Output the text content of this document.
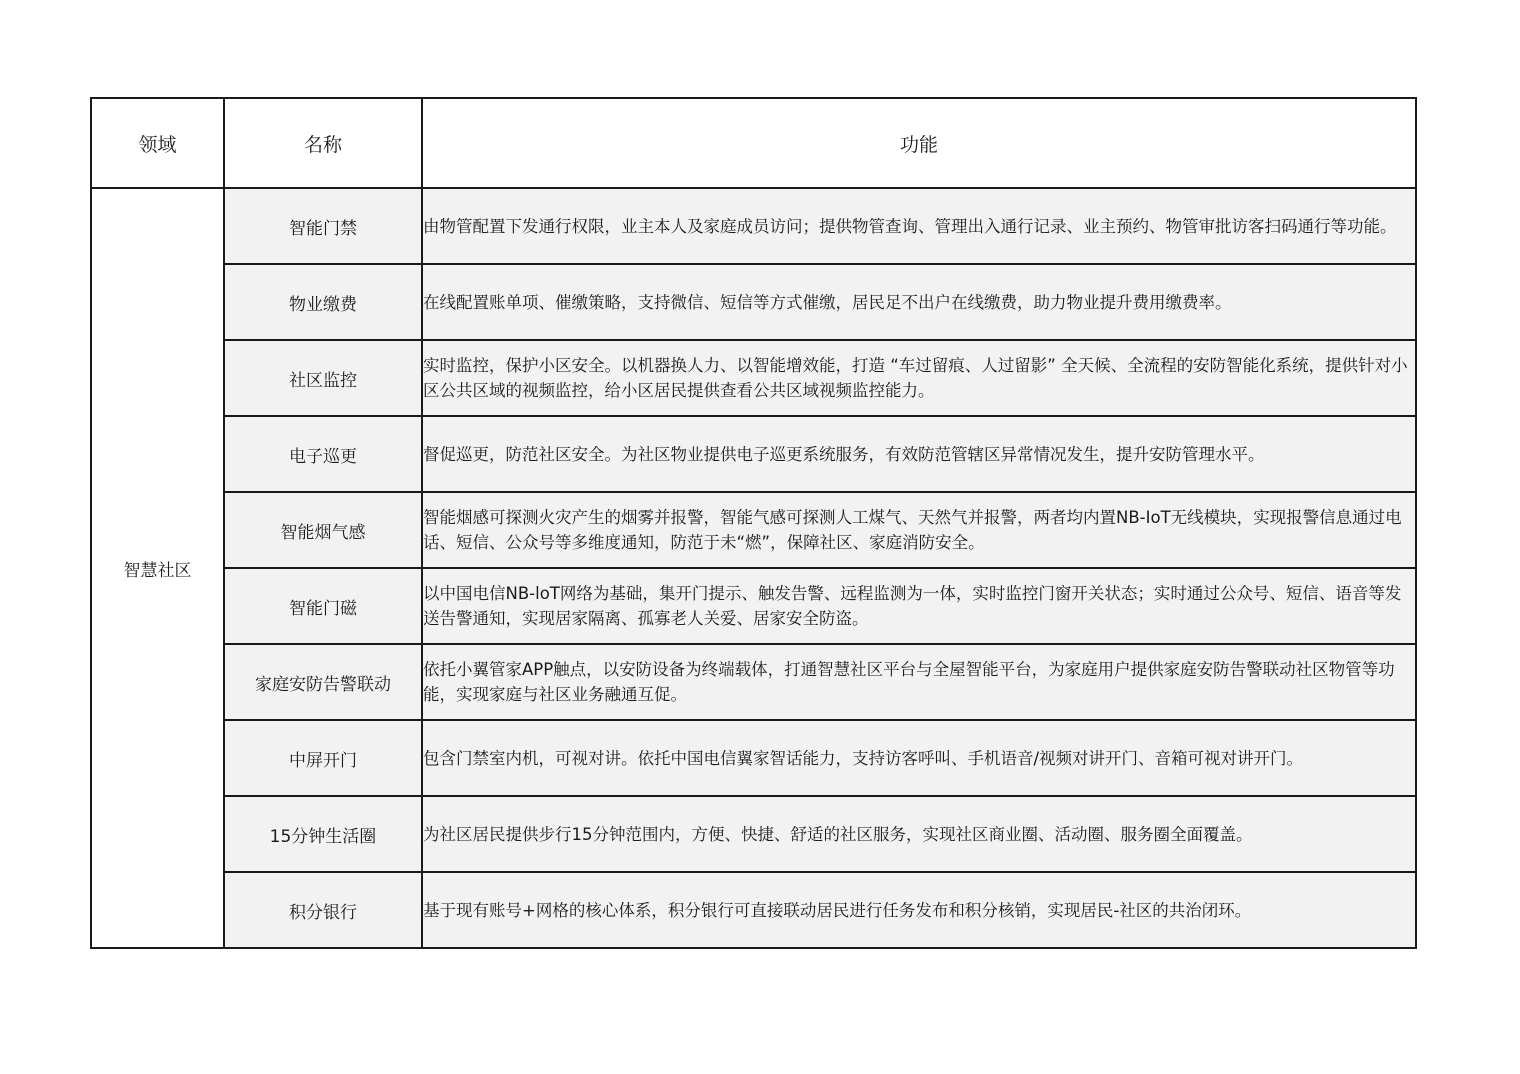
领域	名称	功能
智慧社区	智能门禁	由物管配置下发通行权限，业主本人及家庭成员访问；提供物管查询、管理出入通行记录、业主预约、物管审批访客扫码通行等功能。
	物业缴费	在线配置账单项、催缴策略，支持微信、短信等方式催缴，居民足不出户在线缴费，助力物业提升费用缴费率。
	社区监控	实时监控，保护小区安全。以机器换人力、以智能增效能，打造 “车过留痕、人过留影” 全天候、全流程的安防智能化系统，提供针对小区公共区域的视频监控，给小区居民提供查看公共区域视频监控能力。
	电子巡更	督促巡更，防范社区安全。为社区物业提供电子巡更系统服务，有效防范管辖区异常情况发生，提升安防管理水平。
	智能烟气感	智能烟感可探测火灾产生的烟雾并报警，智能气感可探测人工煤气、天然气并报警，两者均内置NB-IoT无线模块，实现报警信息通过电话、短信、公众号等多维度通知，防范于未“燃”，保障社区、家庭消防安全。
	智能门磁	以中国电信NB-loT网络为基础，集开门提示、触发告警、远程监测为一体，实时监控门窗开关状态；实时通过公众号、短信、语音等发送告警通知，实现居家隔离、孤寡老人关爱、居家安全防盗。
	家庭安防告警联动	依托小翼管家APP触点，以安防设备为终端载体，打通智慧社区平台与全屋智能平台，为家庭用户提供家庭安防告警联动社区物管等功能，实现家庭与社区业务融通互促。
	中屏开门	包含门禁室内机，可视对讲。依托中国电信翼家智话能力，支持访客呼叫、手机语音/视频对讲开门、音箱可视对讲开门。
	15分钟生活圈	为社区居民提供步行15分钟范围内，方便、快捷、舒适的社区服务，实现社区商业圈、活动圈、服务圈全面覆盖。
	积分银行	基于现有账号+网格的核心体系，积分银行可直接联动居民进行任务发布和积分核销，实现居民-社区的共治闭环。
